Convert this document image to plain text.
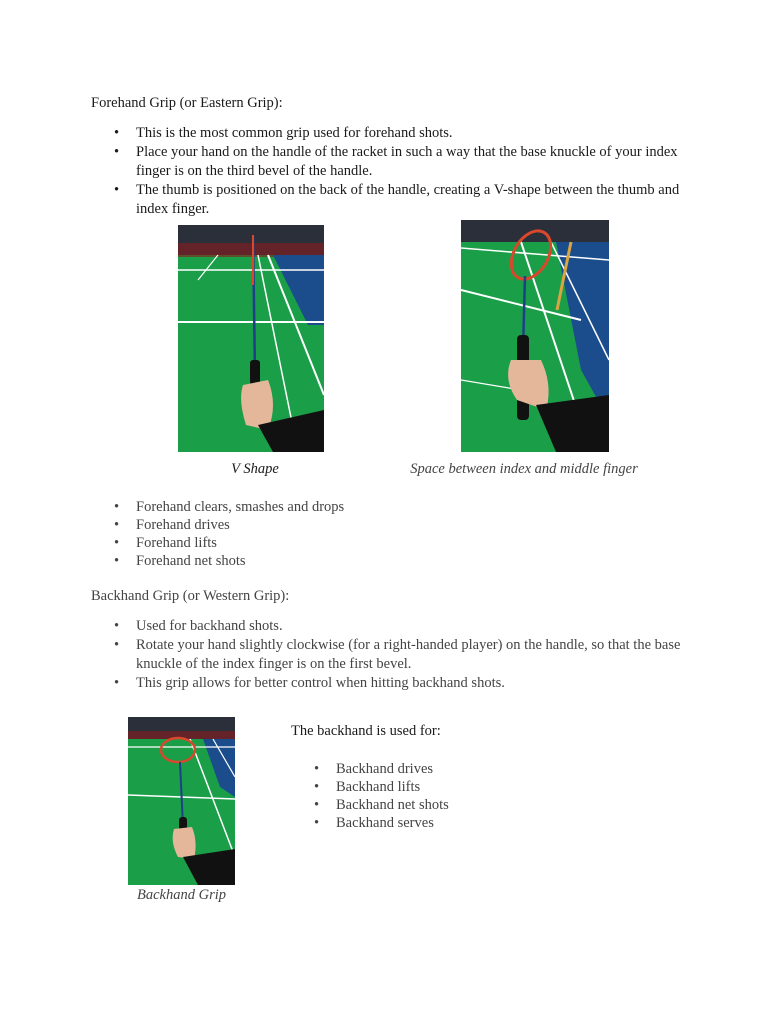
Forehand Grip (or Eastern Grip):

• This is the most common grip used for forehand shots.
• Place your hand on the handle of the racket in such a way that the base knuckle of your index finger is on the third bevel of the handle.
• The thumb is positioned on the back of the handle, creating a V-shape between the thumb and index finger.

V Shape	Space between index and middle finger

• Forehand clears, smashes and drops
• Forehand drives
• Forehand lifts
• Forehand net shots

Backhand Grip (or Western Grip):

• Used for backhand shots.
• Rotate your hand slightly clockwise (for a right-handed player) on the handle, so that the base knuckle of the index finger is on the first bevel.
• This grip allows for better control when hitting backhand shots.

Backhand Grip

The backhand is used for:

• Backhand drives
• Backhand lifts
• Backhand net shots
• Backhand serves
